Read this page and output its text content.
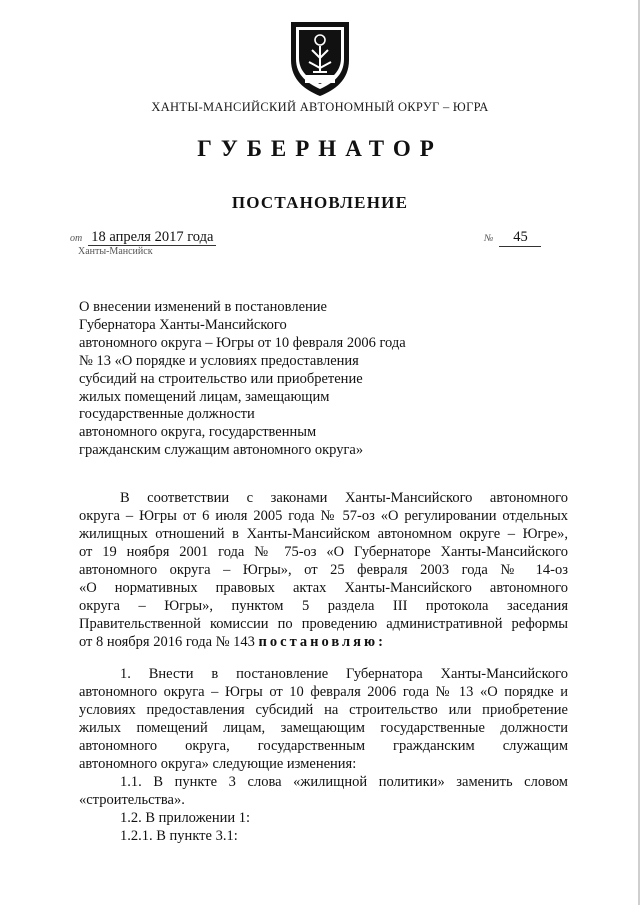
ХАНТЫ-МАНСИЙСКИЙ АВТОНОМНЫЙ ОКРУГ – ЮГРА
ГУБЕРНАТОР
ПОСТАНОВЛЕНИЕ
от 18 апреля 2017 года	№ 45
Ханты-Мансийск
О внесении изменений в постановление
Губернатора Ханты-Мансийского
автономного округа – Югры от 10 февраля 2006 года
№ 13 «О порядке и условиях предоставления
субсидий на строительство или приобретение
жилых помещений лицам, замещающим
государственные должности
автономного округа, государственным
гражданским служащим автономного округа»
В соответствии с законами Ханты-Мансийского автономного
округа – Югры от 6 июля 2005 года № 57-оз «О регулировании отдельных
жилищных отношений в Ханты-Мансийском автономном округе – Югре»,
от 19 ноября 2001 года № 75-оз «О Губернаторе Ханты-Мансийского
автономного округа – Югры», от 25 февраля 2003 года № 14-оз
«О нормативных правовых актах Ханты-Мансийского автономного
округа – Югры», пунктом 5 раздела III протокола заседания
Правительственной комиссии по проведению административной реформы
от 8 ноября 2016 года № 143 постановляю:
1. Внести в постановление Губернатора Ханты-Мансийского
автономного округа – Югры от 10 февраля 2006 года № 13 «О порядке и
условиях предоставления субсидий на строительство или приобретение
жилых помещений лицам, замещающим государственные должности
автономного округа, государственным гражданским служащим
автономного округа» следующие изменения:
1.1. В пункте 3 слова «жилищной политики» заменить словом
«строительства».
1.2. В приложении 1:
1.2.1. В пункте 3.1:
